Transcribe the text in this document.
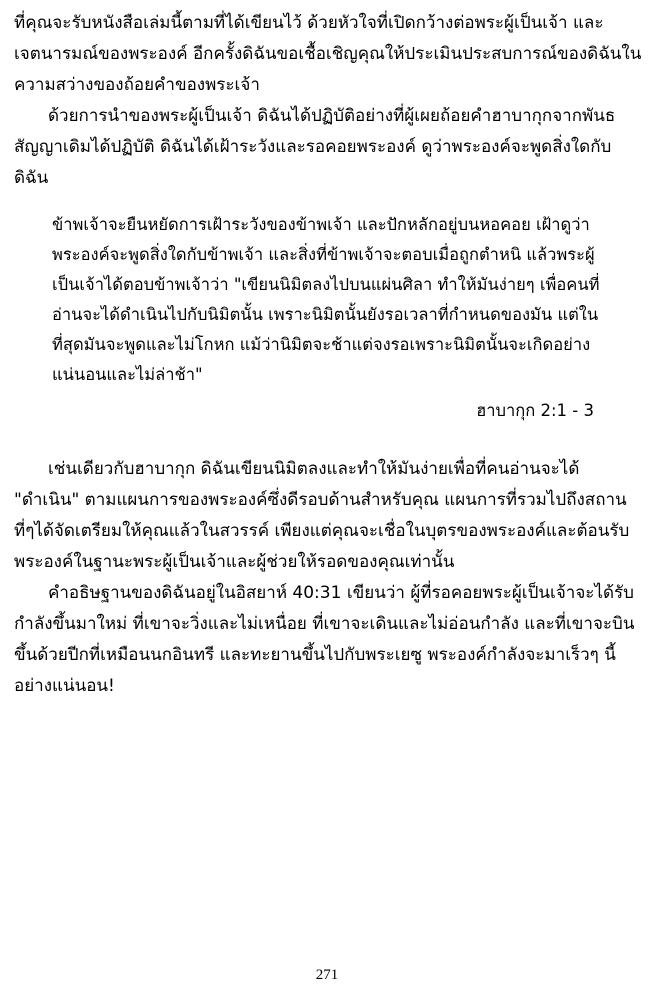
ที่คุณจะรับหนังสือเล่มนี้ตามที่ได้เขียนไว้ ด้วยหัวใจที่เปิดกว้างต่อพระผู้เป็นเจ้า และเจตนารมณ์ของพระองค์ อีกครั้งดิฉันขอเชื้อเชิญคุณให้ประเมินประสบการณ์ของดิฉันในความสว่างของถ้อยคำของพระเจ้า

ด้วยการนำของพระผู้เป็นเจ้า ดิฉันได้ปฏิบัติอย่างที่ผู้เผยถ้อยคำฮาบากุกจากพันธสัญญาเดิมได้ปฏิบัติ ดิฉันได้เฝ้าระวังและรอคอยพระองค์ ดูว่าพระองค์จะพูดสิ่งใดกับดิฉัน

ข้าพเจ้าจะยืนหยัดการเฝ้าระวังของข้าพเจ้า และปักหลักอยู่บนหอคอย เฝ้าดูว่าพระองค์จะพูดสิ่งใดกับข้าพเจ้า และสิ่งที่ข้าพเจ้าจะตอบเมื่อถูกตำหนิ แล้วพระผู้เป็นเจ้าได้ตอบข้าพเจ้าว่า "เขียนนิมิตลงไปบนแผ่นศิลา ทำให้มันง่ายๆ เพื่อคนที่อ่านจะได้ดำเนินไปกับนิมิตนั้น เพราะนิมิตนั้นยังรอเวลาที่กำหนดของมัน แต่ในที่สุดมันจะพูดและไม่โกหก แม้ว่านิมิตจะช้าแต่จงรอเพราะนิมิตนั้นจะเกิดอย่างแน่นอนและไม่ล่าช้า"

ฮาบากุก 2:1 - 3

เช่นเดียวกับฮาบากุก ดิฉันเขียนนิมิตลงและทำให้มันง่ายเพื่อที่คนอ่านจะได้ "ดำเนิน" ตามแผนการของพระองค์ซึ่งดีรอบด้านสำหรับคุณ แผนการที่รวมไปถึงสถานที่ๆได้จัดเตรียมให้คุณแล้วในสวรรค์ เพียงแต่คุณจะเชื่อในบุตรของพระองค์และต้อนรับพระองค์ในฐานะพระผู้เป็นเจ้าและผู้ช่วยให้รอดของคุณเท่านั้น

คำอธิษฐานของดิฉันอยู่ในอิสยาห์ 40:31 เขียนว่า ผู้ที่รอคอยพระผู้เป็นเจ้าจะได้รับกำลังขึ้นมาใหม่ ที่เขาจะวิ่งและไม่เหนื่อย ที่เขาจะเดินและไม่อ่อนกำลัง และที่เขาจะบินขึ้นด้วยปีกที่เหมือนนกอินทรี และทะยานขึ้นไปกับพระเยซู พระองค์กำลังจะมาเร็วๆ นี้อย่างแน่นอน!

271
